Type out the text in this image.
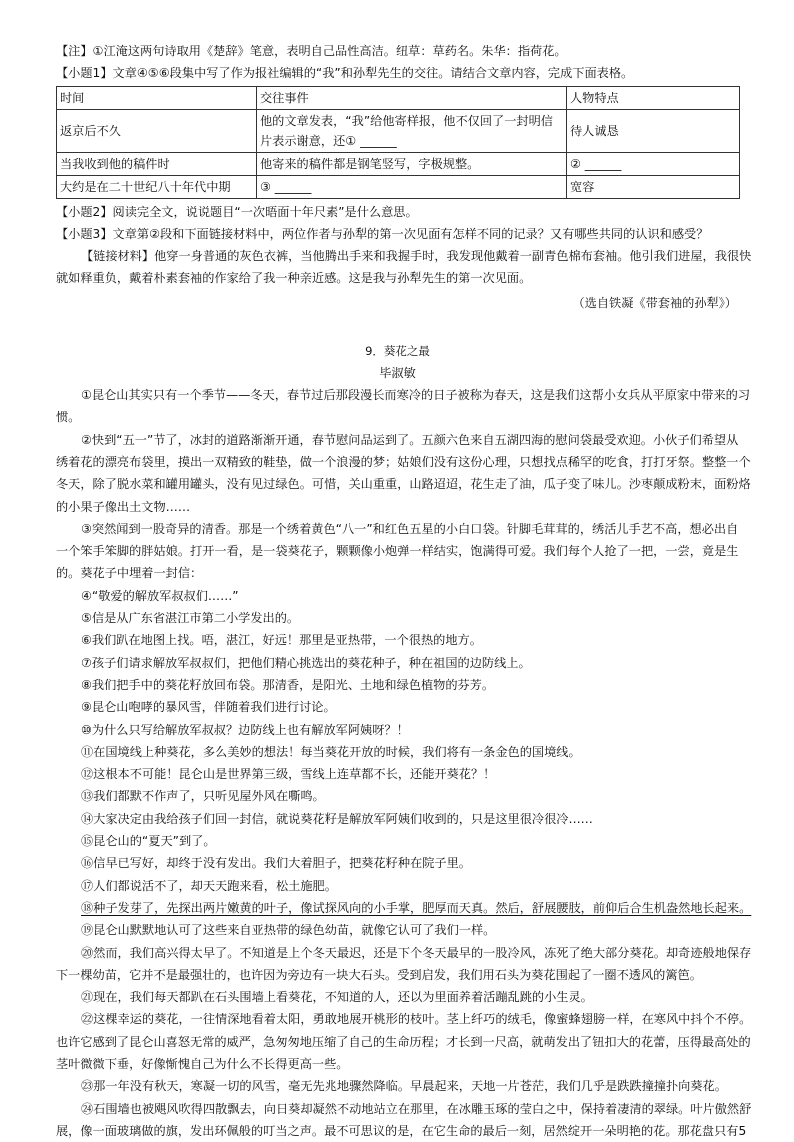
【注】①江淹这两句诗取用《楚辞》笔意，表明自己品性高洁。纽草：草药名。朱华：指荷花。
【小题1】文章④⑤⑥段集中写了作为报社编辑的“我”和孙犁先生的交往。请结合文章内容，完成下面表格。
时间	交往事件	人物特点
返京后不久	他的文章发表，“我”给他寄样报，他不仅回了一封明信片表示谢意，还① ______	待人诚恳
当我收到他的稿件时	他寄来的稿件都是钢笔竖写，字极规整。	② ______
大约是在二十世纪八十年代中期	③ ______	宽容
【小题2】阅读完全文，说说题目“一次晤面十年尺素”是什么意思。
【小题3】文章第②段和下面链接材料中，两位作者与孙犁的第一次见面有怎样不同的记录？又有哪些共同的认识和感受？
【链接材料】他穿一身普通的灰色衣裤，当他腾出手来和我握手时，我发现他戴着一副青色棉布套袖。他引我们进屋，我很快
就如释重负，戴着朴素套袖的作家给了我一种亲近感。这是我与孙犁先生的第一次见面。
（选自铁凝《带套袖的孙犁》）
9．葵花之最
毕淑敏
①昆仑山其实只有一个季节——冬天，春节过后那段漫长而寒冷的日子被称为春天，这是我们这帮小女兵从平原家中带来的习
惯。
②快到“五一”节了，冰封的道路渐渐开通，春节慰问品运到了。五颜六色来自五湖四海的慰问袋最受欢迎。小伙子们希望从
绣着花的漂亮布袋里，摸出一双精致的鞋垫，做一个浪漫的梦；姑娘们没有这份心理，只想找点稀罕的吃食，打打牙祭。整整一个
冬天，除了脱水菜和罐用罐头，没有见过绿色。可惜，关山重重，山路迢迢，花生走了油，瓜子变了味儿。沙枣颠成粉末，面粉烙
的小果子像出土文物……
③突然闻到一股奇异的清香。那是一个绣着黄色“八一”和红色五星的小白口袋。针脚毛茸茸的，绣活儿手艺不高，想必出自
一个笨手笨脚的胖姑娘。打开一看，是一袋葵花子，颗颗像小炮弹一样结实，饱满得可爱。我们每个人抢了一把，一尝，竟是生
的。葵花子中埋着一封信：
④“敬爱的解放军叔叔们……”
⑤信是从广东省湛江市第二小学发出的。
⑥我们趴在地图上找。唔，湛江，好远！那里是亚热带，一个很热的地方。
⑦孩子们请求解放军叔叔们，把他们精心挑选出的葵花种子，种在祖国的边防线上。
⑧我们把手中的葵花籽放回布袋。那清香，是阳光、土地和绿色植物的芬芳。
⑨昆仑山咆哮的暴风雪，伴随着我们进行讨论。
⑩为什么只写给解放军叔叔？边防线上也有解放军阿姨呀？！
⑪在国境线上种葵花，多么美妙的想法！每当葵花开放的时候，我们将有一条金色的国境线。
⑫这根本不可能！昆仑山是世界第三级，雪线上连草都不长，还能开葵花？！
⑬我们都默不作声了，只听见屋外风在嘶鸣。
⑭大家决定由我给孩子们回一封信，就说葵花籽是解放军阿姨们收到的，只是这里很冷很冷……
⑮昆仑山的“夏天”到了。
⑯信早已写好，却终于没有发出。我们大着胆子，把葵花籽种在院子里。
⑰人们都说活不了，却天天跑来看，松土施肥。
⑱种子发芽了，先探出两片嫩黄的叶子，像试探风向的小手掌，肥厚而天真。然后，舒展腰肢，前仰后合生机盎然地长起来。
⑲昆仑山默默地认可了这些来自亚热带的绿色幼苗，就像它认可了我们一样。
⑳然而，我们高兴得太早了。不知道是上个冬天最迟，还是下个冬天最早的一股冷风，冻死了绝大部分葵花。却奇迹般地保存
下一棵幼苗，它并不是最强壮的，也许因为旁边有一块大石头。受到启发，我们用石头为葵花围起了一圈不透风的篱笆。
㉑现在，我们每天都趴在石头围墙上看葵花，不知道的人，还以为里面养着活蹦乱跳的小生灵。
㉒这棵幸运的葵花，一往情深地看着太阳，勇敢地展开桃形的枝叶。茎上纤巧的绒毛，像蜜蜂翅膀一样，在寒风中抖个不停。
也许它感到了昆仑山喜怒无常的威严，急匆匆地压缩了自己的生命历程；才长到一尺高，就萌发出了钮扣大的花蕾，压得最高处的
茎叶微微下垂，好像惭愧自己为什么不长得更高一些。
㉓那一年没有秋天，寒凝一切的风雪，毫无先兆地骤然降临。早晨起来，天地一片苍茫，我们几乎是跌跌撞撞扑向葵花。
㉔石围墙也被飓风吹得四散飘去，向日葵却凝然不动地站立在那里，在冰雕玉琢的莹白之中，保持着凄清的翠绿。叶片傲然舒
展，像一面玻璃做的旗，发出环佩般的叮当之声。最不可思议的是，在它生命的最后一刻，居然绽开一朵明艳的花。那花盘只有5
